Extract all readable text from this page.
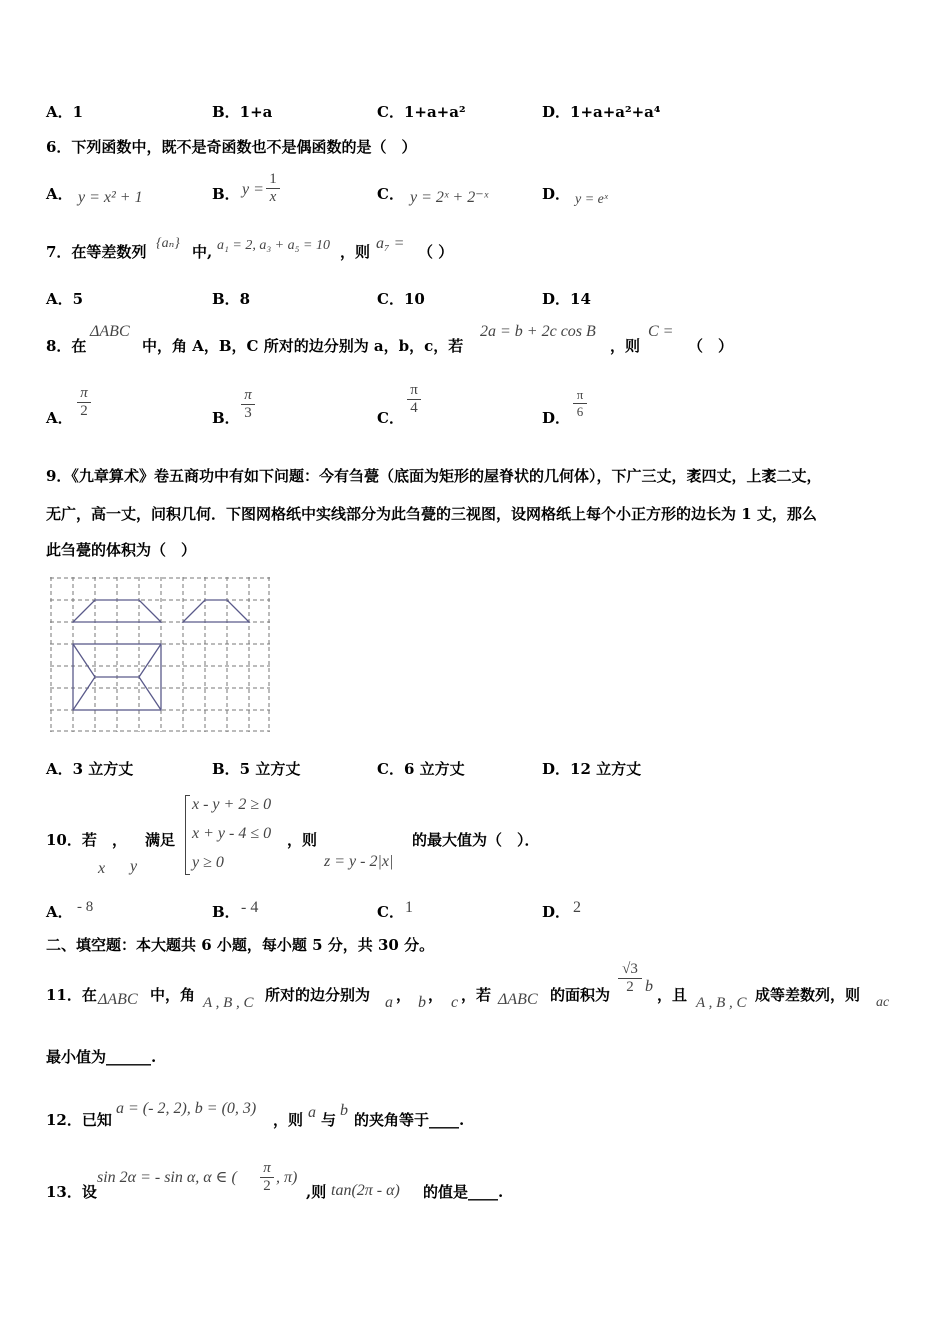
A．1	B．1+a	C．1+a+a²	D．1+a+a²+a⁴
6．下列函数中，既不是奇函数也不是偶函数的是（　）
A． y = x² + 1	B． $y = \frac{1}{x}$	C． y = 2ˣ + 2⁻ˣ	D． y = eˣ
7．在等差数列 {aₙ} 中, a₁ = 2, a₃ + a₅ = 10 ，则 a₇ = （ ）
A．5	B．8	C．10	D．14
8．在
ΔABC
中，角 A，B，C 所对的边分别为 a，b，c，若
2a = b + 2c cos B
，则
C =
（　）
A． $\frac{\pi}{2}$	B． $\frac{\pi}{3}$	C．
$\frac{\pi}{4}$
D． $\frac{\pi}{6}$
9．《九章算术》卷五商功中有如下问题：今有刍甍（底面为矩形的屋脊状的几何体），下广三丈，袤四丈，上袤二丈，
无广，高一丈，问积几何．下图网格纸中实线部分为此刍甍的三视图，设网格纸上每个小正方形的边长为 1 丈，那么
此刍甍的体积为（　）
A．3 立方丈	B．5 立方丈	C．6 立方丈	D．12 立方丈
10．若 ， 满足
x y
x - y + 2 ≥ 0
x + y - 4 ≤ 0
y ≥ 0
，则
z = y - 2|x|
的最大值为（　）．
A． - 8	B． - 4	C． 1	D． 2
二、填空题：本大题共 6 小题，每小题 5 分，共 30 分。
11．在 ΔABC 中，角 A , B , C 所对的边分别为 a ， b ， c ，若 ΔABC 的面积为 $\frac{√3}{2}$ b ，且 A , B , C 成等差数列，则 ac
最小值为______.
12．已知
a = (- 2, 2), b = (0, 3)
，则 a 与
b
的夹角等于____.
13．设
sin 2α = - sin α, α ∈ ( $\frac{\pi}{2}$ , π)
,则 tan(2π - α) 的值是____.
